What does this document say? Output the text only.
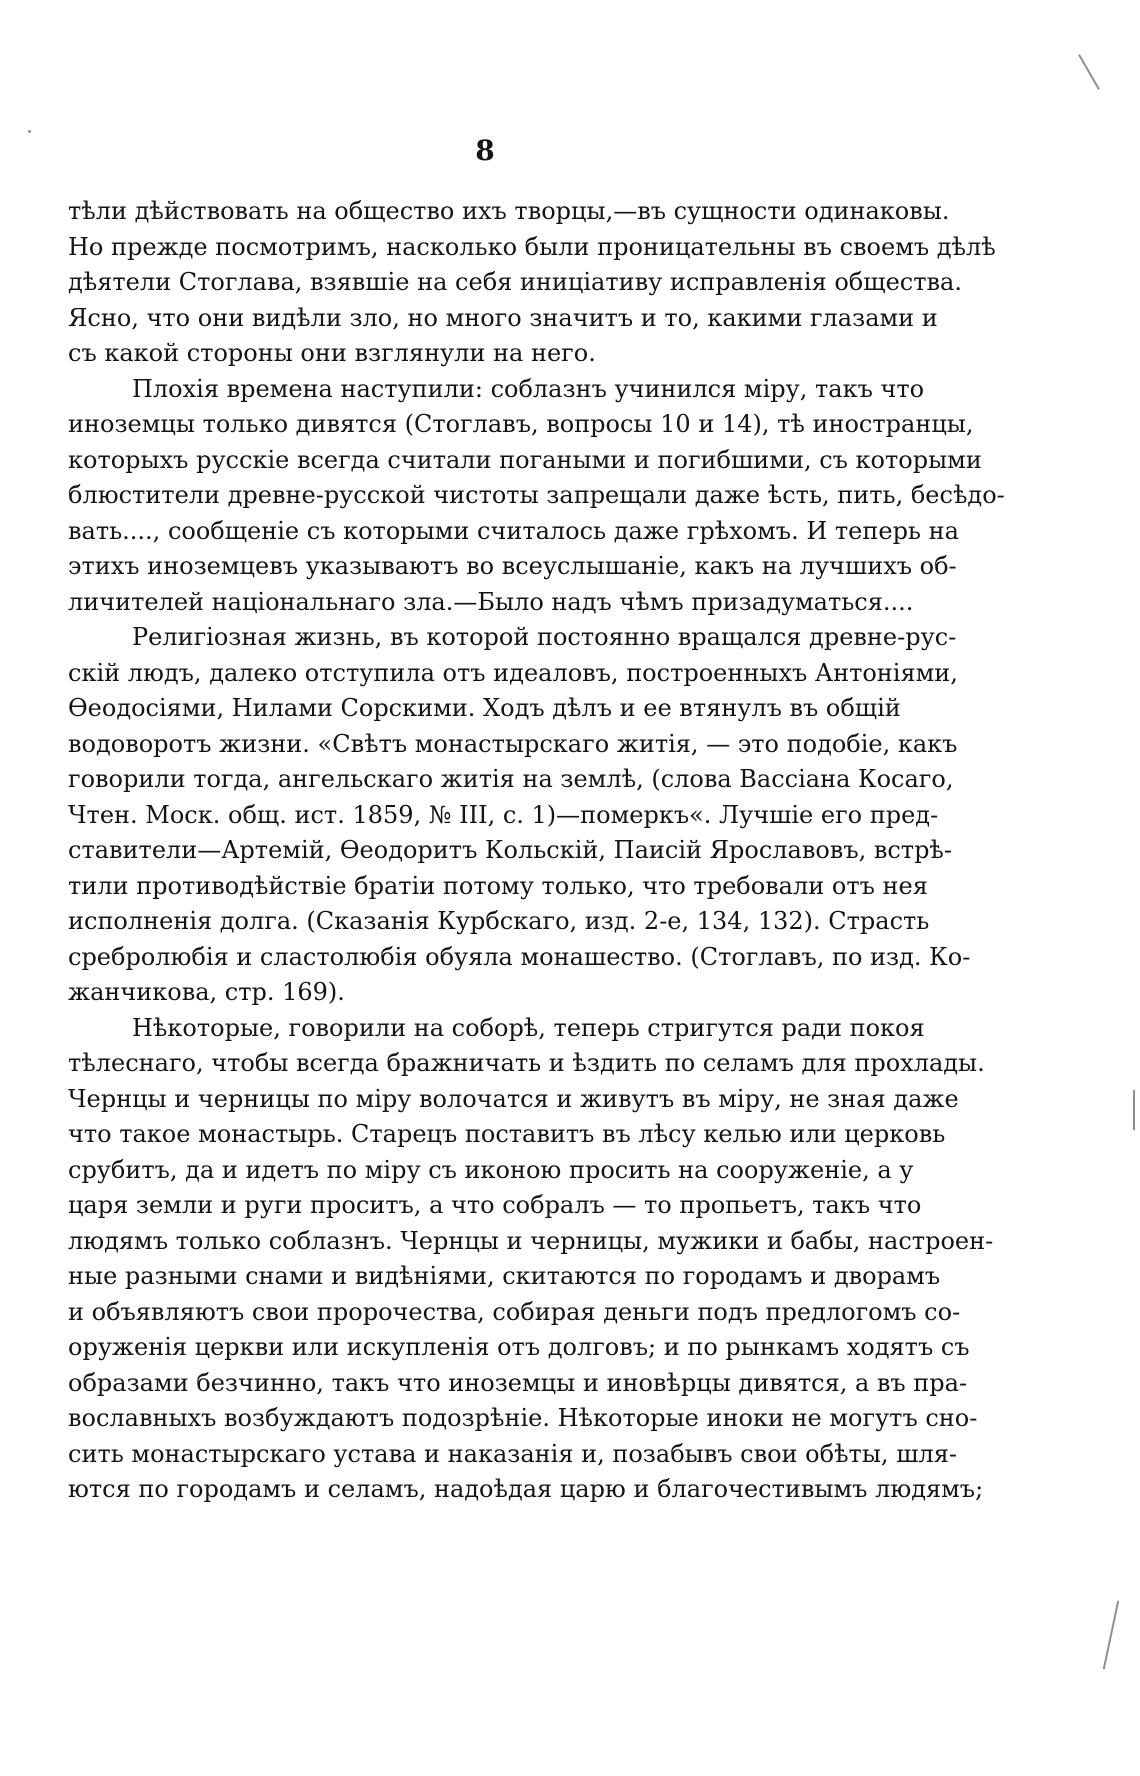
8
тѣли дѣйствовать на общество ихъ творцы,—въ сущности одинаковы.
Но прежде посмотримъ, насколько были проницательны въ своемъ дѣлѣ
дѣятели Стоглава, взявшіе на себя иниціативу исправленія общества.
Ясно, что они видѣли зло, но много значитъ и то, какими глазами и
съ какой стороны они взглянули на него.
Плохія времена наступили: соблазнъ учинился міру, такъ что
иноземцы только дивятся (Стоглавъ, вопросы 10 и 14), тѣ иностранцы,
которыхъ русскіе всегда считали погаными и погибшими, съ которыми
блюстители древне-русской чистоты запрещали даже ѣсть, пить, бесѣдо-
вать...., сообщеніе съ которыми считалось даже грѣхомъ. И теперь на
этихъ иноземцевъ указываютъ во всеуслышаніе, какъ на лучшихъ об-
личителей національнаго зла.—Было надъ чѣмъ призадуматься....
Религіозная жизнь, въ которой постоянно вращался древне-рус-
скій людъ, далеко отступила отъ идеаловъ, построенныхъ Антоніями,
Ѳеодосіями, Нилами Сорскими. Ходъ дѣлъ и ее втянулъ въ общій
водоворотъ жизни. «Свѣтъ монастырскаго житія, — это подобіе, какъ
говорили тогда, ангельскаго житія на землѣ, (слова Вассіана Косаго,
Чтен. Моск. общ. ист. 1859, № III, с. 1)—померкъ«. Лучшіе его пред-
ставители—Артемій, Ѳеодоритъ Кольскій, Паисій Ярославовъ, встрѣ-
тили противодѣйствіе братіи потому только, что требовали отъ нея
исполненія долга. (Сказанія Курбскаго, изд. 2-е, 134, 132). Страсть
сребролюбія и сластолюбія обуяла монашество. (Стоглавъ, по изд. Ко-
жанчикова, стр. 169).
Нѣкоторые, говорили на соборѣ, теперь стригутся ради покоя
тѣлеснаго, чтобы всегда бражничать и ѣздить по селамъ для прохлады.
Чернцы и черницы по міру волочатся и живутъ въ міру, не зная даже
что такое монастырь. Старецъ поставитъ въ лѣсу келью или церковь
срубитъ, да и идетъ по міру съ иконою просить на сооруженіе, а у
царя земли и руги проситъ, а что собралъ — то пропьетъ, такъ что
людямъ только соблазнъ. Чернцы и черницы, мужики и бабы, настроен-
ные разными снами и видѣніями, скитаются по городамъ и дворамъ
и объявляютъ свои пророчества, собирая деньги подъ предлогомъ со-
оруженія церкви или искупленія отъ долговъ; и по рынкамъ ходятъ съ
образами безчинно, такъ что иноземцы и иновѣрцы дивятся, а въ пра-
вославныхъ возбуждаютъ подозрѣніе. Нѣкоторые иноки не могутъ сно-
сить монастырскаго устава и наказанія и, позабывъ свои обѣты, шля-
ются по городамъ и селамъ, надоѣдая царю и благочестивымъ людямъ;
